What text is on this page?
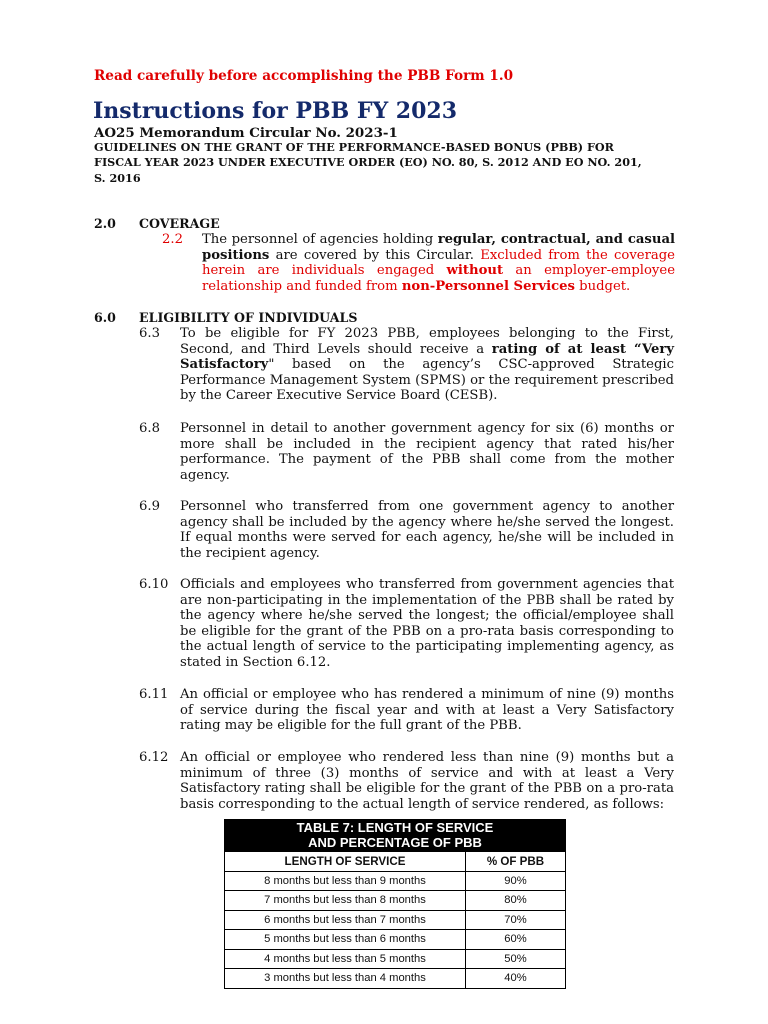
Read carefully before accomplishing the PBB Form 1.0
Instructions for PBB FY 2023
AO25 Memorandum Circular No. 2023-1
GUIDELINES ON THE GRANT OF THE PERFORMANCE-BASED BONUS (PBB) FOR FISCAL YEAR 2023 UNDER EXECUTIVE ORDER (EO) NO. 80, S. 2012 AND EO NO. 201, S. 2016
2.0 COVERAGE
2.2 The personnel of agencies holding regular, contractual, and casual positions are covered by this Circular. Excluded from the coverage herein are individuals engaged without an employer-employee relationship and funded from non-Personnel Services budget.
6.0 ELIGIBILITY OF INDIVIDUALS
6.3 To be eligible for FY 2023 PBB, employees belonging to the First, Second, and Third Levels should receive a rating of at least “Very Satisfactory" based on the agency’s CSC-approved Strategic Performance Management System (SPMS) or the requirement prescribed by the Career Executive Service Board (CESB).
6.8 Personnel in detail to another government agency for six (6) months or more shall be included in the recipient agency that rated his/her performance. The payment of the PBB shall come from the mother agency.
6.9 Personnel who transferred from one government agency to another agency shall be included by the agency where he/she served the longest. If equal months were served for each agency, he/she will be included in the recipient agency.
6.10 Officials and employees who transferred from government agencies that are non-participating in the implementation of the PBB shall be rated by the agency where he/she served the longest; the official/employee shall be eligible for the grant of the PBB on a pro-rata basis corresponding to the actual length of service to the participating implementing agency, as stated in Section 6.12.
6.11 An official or employee who has rendered a minimum of nine (9) months of service during the fiscal year and with at least a Very Satisfactory rating may be eligible for the full grant of the PBB.
6.12 An official or employee who rendered less than nine (9) months but a minimum of three (3) months of service and with at least a Very Satisfactory rating shall be eligible for the grant of the PBB on a pro-rata basis corresponding to the actual length of service rendered, as follows:
TABLE 7: LENGTH OF SERVICE
AND PERCENTAGE OF PBB
LENGTH OF SERVICE	% OF PBB
8 months but less than 9 months	90%
7 months but less than 8 months	80%
6 months but less than 7 months	70%
5 months but less than 6 months	60%
4 months but less than 5 months	50%
3 months but less than 4 months	40%
